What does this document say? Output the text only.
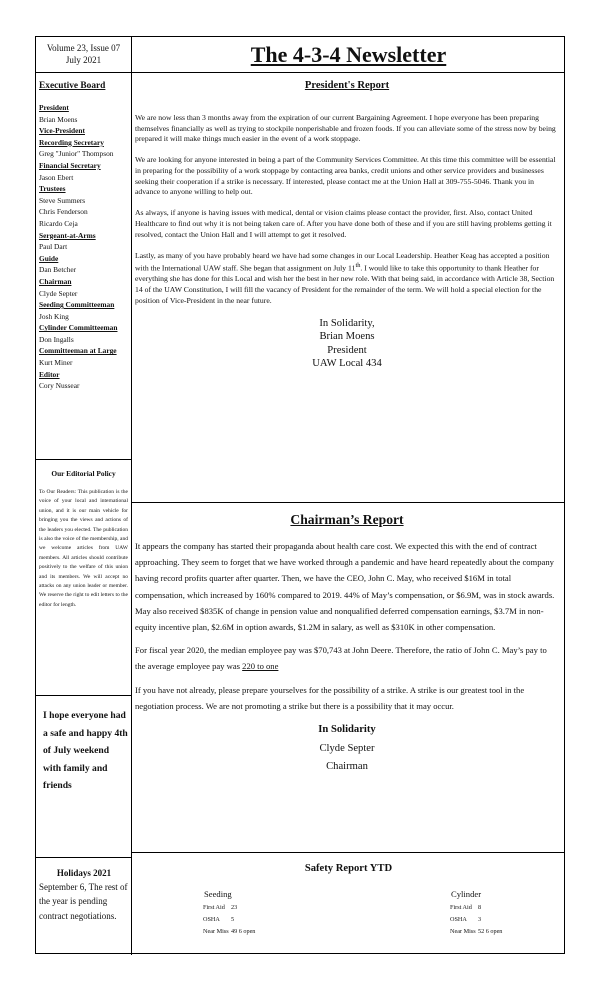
Volume 23, Issue 07
July 2021
Executive Board
President
Brian Moens
Vice-President
Recording Secretary
Greg "Junior" Thompson
Financial Secretary
Jason Ebert
Trustees
Steve Summers
Chris Fenderson
Ricardo Ceja
Sergeant-at-Arms
Paul Dart
Guide
Dan Betcher
Chairman
Clyde Septer
Seeding Committeeman
Josh King
Cylinder Committeeman
Don Ingalls
Committeeman at Large
Kurt Miner
Editor
Cory Nussear
Our Editorial Policy
To Our Readers: This publication is the voice of your local and international union, and it is our main vehicle for bringing you the views and actions of the leaders you elected. The publication is also the voice of the membership, and we welcome articles from UAW members. All articles should contribute positively to the welfare of this union and its members. We will accept no attacks on any union leader or member. We reserve the right to edit letters to the editor for length.
I hope everyone had a safe and happy 4th of July weekend with family and friends
Holidays 2021
September 6, The rest of the year is pending contract negotiations.
The 4-3-4 Newsletter
President's Report

We are now less than 3 months away from the expiration of our current Bargaining Agreement. I hope everyone has been preparing themselves financially as well as trying to stockpile nonperishable and frozen foods. If you can alleviate some of the stress now by being prepared it will make things much easier in the event of a work stoppage.

We are looking for anyone interested in being a part of the Community Services Committee. At this time this committee will be essential in preparing for the possibility of a work stoppage by contacting area banks, credit unions and other service providers and businesses seeking their cooperation if a strike is necessary. If interested, please contact me at the Union Hall at 309-755-5046. Thank you in advance to anyone willing to help out.

As always, if anyone is having issues with medical, dental or vision claims please contact the provider, first. Also, contact United Healthcare to find out why it is not being taken care of. After you have done both of these and if you are still having problems getting it resolved, contact the Union Hall and I will attempt to get it resolved.

Lastly, as many of you have probably heard we have had some changes in our Local Leadership. Heather Keag has accepted a position with the International UAW staff. She began that assignment on July 11th. I would like to take this opportunity to thank Heather for everything she has done for this Local and wish her the best in her new role. With that being said, in accordance with Article 38, Section 14 of the UAW Constitution, I will fill the vacancy of President for the remainder of the term. We will hold a special election for the position of Vice-President in the near future.

In Solidarity,
Brian Moens
President
UAW Local 434
Chairman’s Report

It appears the company has started their propaganda about health care cost. We expected this with the end of contract approaching. They seem to forget that we have worked through a pandemic and have heard repeatedly about the company having record profits quarter after quarter. Then, we have the CEO, John C. May, who received $16M in total compensation, which increased by 160% compared to 2019. 44% of May’s compensation, or $6.9M, was in stock awards. May also received $835K of change in pension value and nonqualified deferred compensation earnings, $3.7M in non-equity incentive plan, $2.6M in option awards, $1.2M in salary, as well as $310K in other compensation.

For fiscal year 2020, the median employee pay was $70,743 at John Deere. Therefore, the ratio of John C. May’s pay to the average employee pay was 220 to one

If you have not already, please prepare yourselves for the possibility of a strike. A strike is our greatest tool in the negotiation process. We are not promoting a strike but there is a possibility that it may occur.

In Solidarity
Clyde Septer
Chairman
Safety Report YTD
Seeding
First Aid 23
OSHA 5
Near Miss 49 6 open
Cylinder
First Aid 8
OSHA 3
Near Miss 52 6 open
